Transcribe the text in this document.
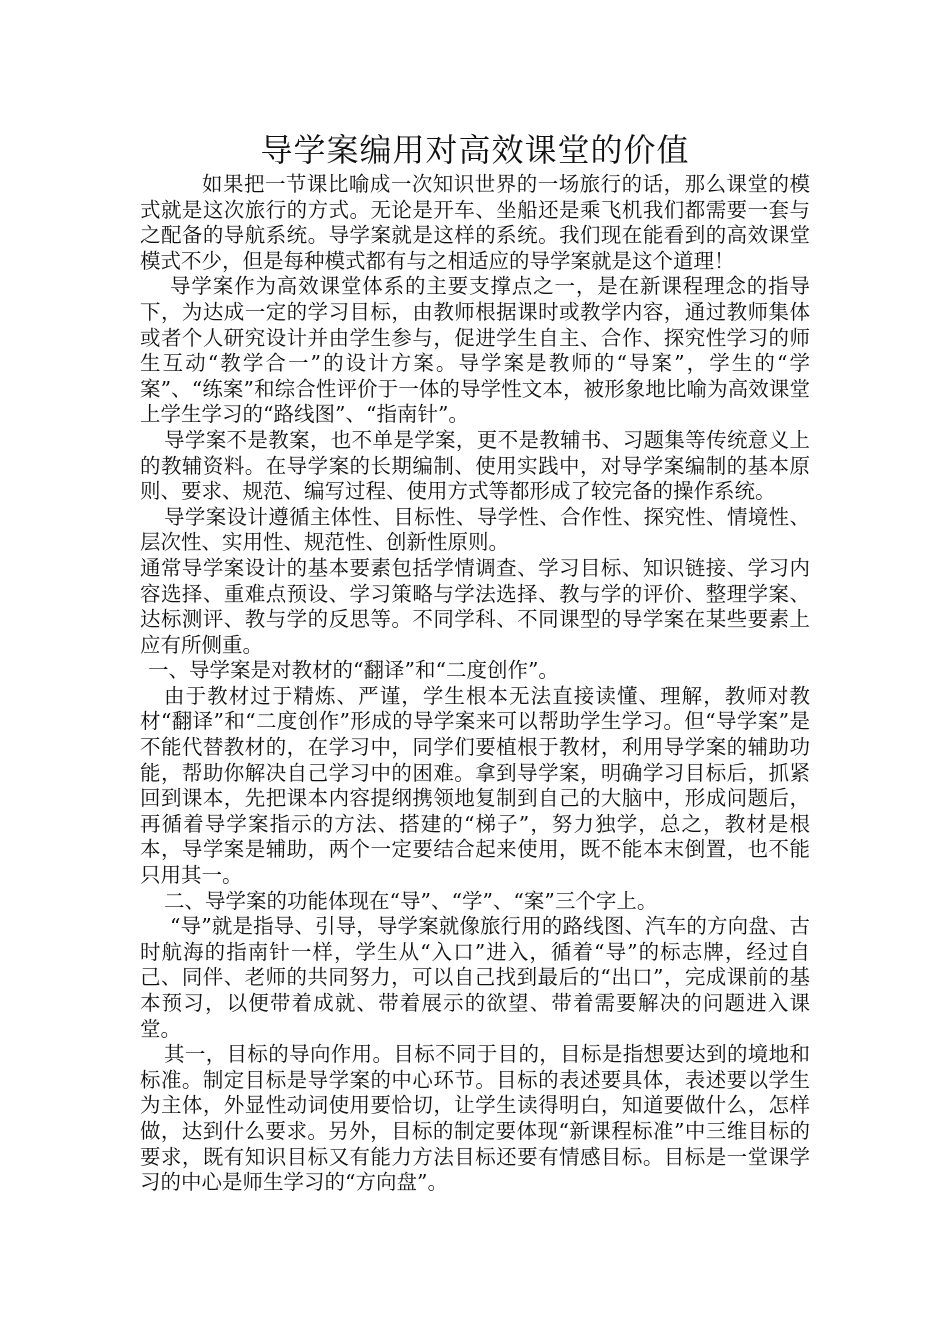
导学案编用对高效课堂的价值

如果把一节课比喻成一次知识世界的一场旅行的话，那么课堂的模式就是这次旅行的方式。无论是开车、坐船还是乘飞机我们都需要一套与之配备的导航系统。导学案就是这样的系统。我们现在能看到的高效课堂模式不少，但是每种模式都有与之相适应的导学案就是这个道理！

导学案作为高效课堂体系的主要支撑点之一，是在新课程理念的指导下，为达成一定的学习目标，由教师根据课时或教学内容，通过教师集体或者个人研究设计并由学生参与，促进学生自主、合作、探究性学习的师生互动“教学合一”的设计方案。导学案是教师的“导案”，学生的“学案”、“练案”和综合性评价于一体的导学性文本，被形象地比喻为高效课堂上学生学习的“路线图”、“指南针”。

导学案不是教案，也不单是学案，更不是教辅书、习题集等传统意义上的教辅资料。在导学案的长期编制、使用实践中，对导学案编制的基本原则、要求、规范、编写过程、使用方式等都形成了较完备的操作系统。

导学案设计遵循主体性、目标性、导学性、合作性、探究性、情境性、层次性、实用性、规范性、创新性原则。

通常导学案设计的基本要素包括学情调查、学习目标、知识链接、学习内容选择、重难点预设、学习策略与学法选择、教与学的评价、整理学案、达标测评、教与学的反思等。不同学科、不同课型的导学案在某些要素上应有所侧重。

一、导学案是对教材的“翻译”和“二度创作”。

由于教材过于精炼、严谨，学生根本无法直接读懂、理解，教师对教材“翻译”和“二度创作”形成的导学案来可以帮助学生学习。但“导学案”是不能代替教材的，在学习中，同学们要植根于教材，利用导学案的辅助功能，帮助你解决自己学习中的困难。拿到导学案，明确学习目标后，抓紧回到课本，先把课本内容提纲携领地复制到自己的大脑中，形成问题后，再循着导学案指示的方法、搭建的“梯子”，努力独学，总之，教材是根本，导学案是辅助，两个一定要结合起来使用，既不能本末倒置，也不能只用其一。

二、导学案的功能体现在“导”、“学”、“案”三个字上。

“导”就是指导、引导，导学案就像旅行用的路线图、汽车的方向盘、古时航海的指南针一样，学生从“入口”进入，循着“导”的标志牌，经过自己、同伴、老师的共同努力，可以自己找到最后的“出口”，完成课前的基本预习，以便带着成就、带着展示的欲望、带着需要解决的问题进入课堂。

其一，目标的导向作用。目标不同于目的，目标是指想要达到的境地和标准。制定目标是导学案的中心环节。目标的表述要具体，表述要以学生为主体，外显性动词使用要恰切，让学生读得明白，知道要做什么，怎样做，达到什么要求。另外，目标的制定要体现“新课程标准”中三维目标的要求，既有知识目标又有能力方法目标还要有情感目标。目标是一堂课学习的中心是师生学习的“方向盘”。
